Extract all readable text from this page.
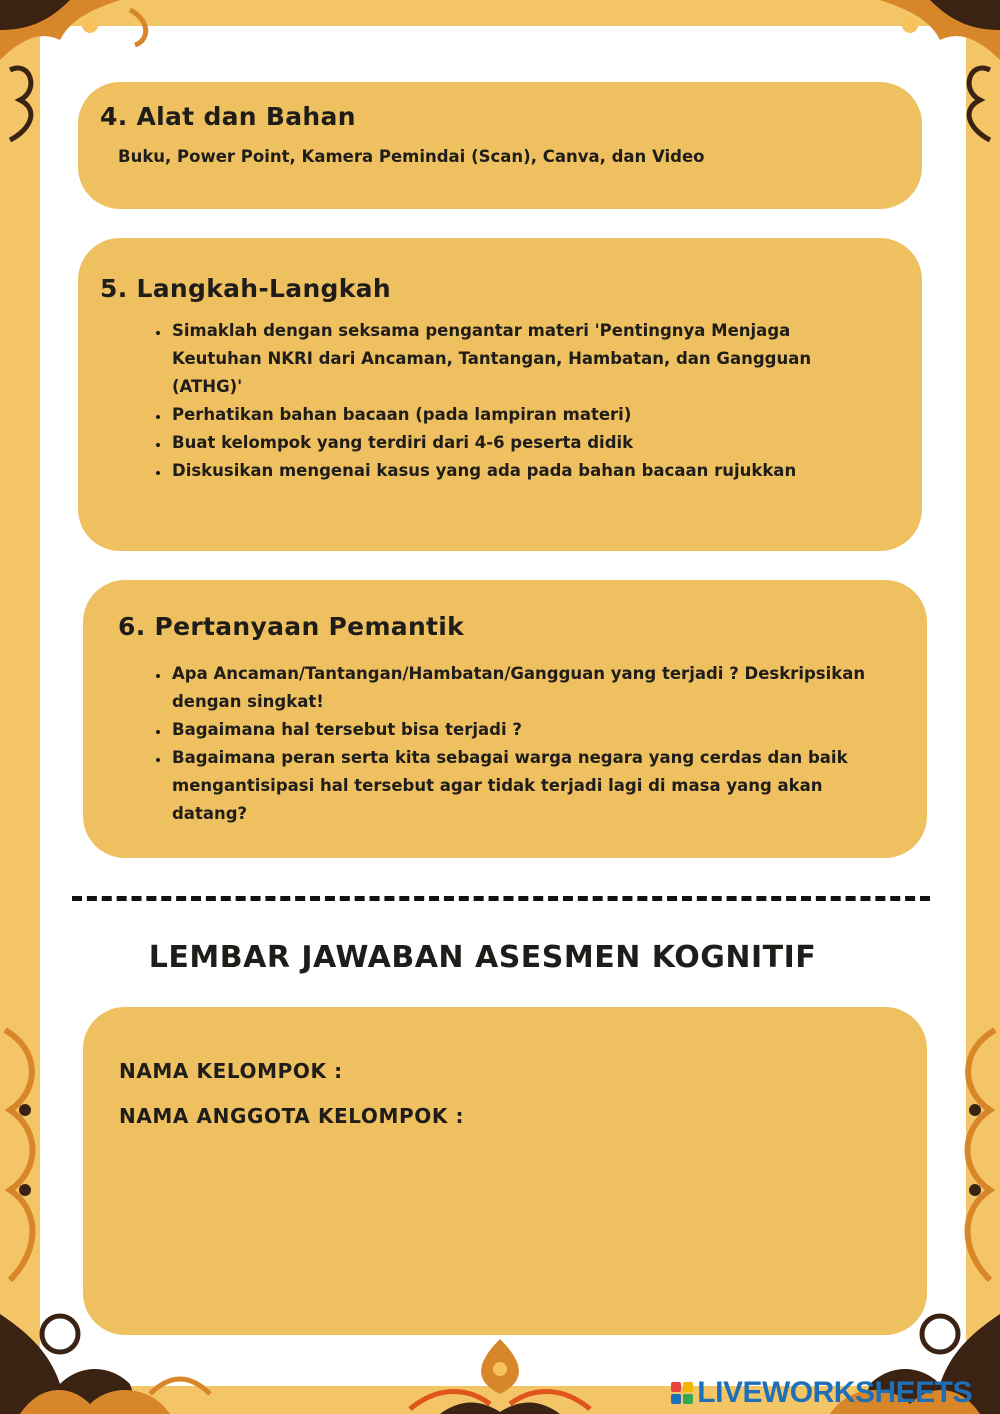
4. Alat dan Bahan

Buku, Power Point, Kamera Pemindai (Scan), Canva, dan Video

5. Langkah-Langkah
• Simaklah dengan seksama pengantar materi 'Pentingnya Menjaga Keutuhan NKRI dari Ancaman, Tantangan, Hambatan, dan Gangguan (ATHG)'
• Perhatikan bahan bacaan (pada lampiran materi)
• Buat kelompok yang terdiri dari 4-6 peserta didik
• Diskusikan mengenai kasus yang ada pada bahan bacaan rujukkan
6. Pertanyaan Pemantik
• Apa Ancaman/Tantangan/Hambatan/Gangguan yang terjadi ? Deskripsikan dengan singkat!
• Bagaimana hal tersebut bisa terjadi ?
• Bagaimana peran serta kita sebagai warga negara yang cerdas dan baik mengantisipasi hal tersebut agar tidak terjadi lagi di masa yang akan datang?
LEMBAR JAWABAN ASESMEN KOGNITIF

NAMA KELOMPOK :

NAMA ANGGOTA KELOMPOK :

LIVEWORKSHEETS
